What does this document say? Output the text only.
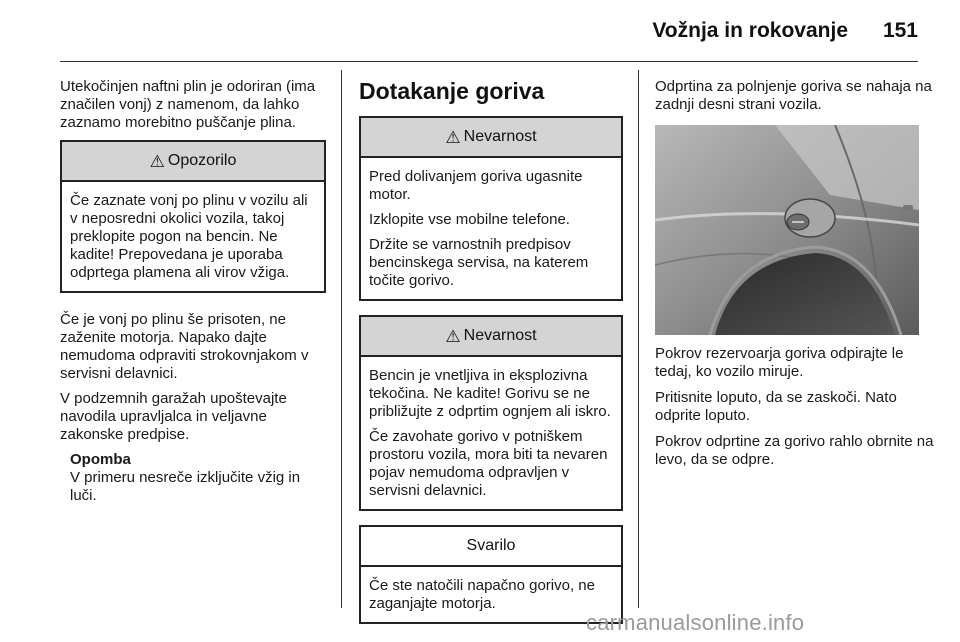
Vožnja in rokovanje 151

Utekočinjen naftni plin je odoriran (ima značilen vonj) z namenom, da lahko zaznamo morebitno puščanje plina.

⚠ Opozorilo

Če zaznate vonj po plinu v vozilu ali v neposredni okolici vozila, takoj preklopite pogon na bencin. Ne kadite! Prepovedana je uporaba odprtega plamena ali virov vžiga.

Če je vonj po plinu še prisoten, ne zaženite motorja. Napako dajte nemudoma odpraviti strokovnjakom v servisni delavnici.

V podzemnih garažah upoštevajte navodila upravljalca in veljavne zakonske predpise.

Opomba

V primeru nesreče izključite vžig in luči.

Dotakanje goriva
⚠ Nevarnost

Pred dolivanjem goriva ugasnite motor.

Izklopite vse mobilne telefone.

Držite se varnostnih predpisov bencinskega servisa, na katerem točite gorivo.

⚠ Nevarnost

Bencin je vnetljiva in eksplozivna tekočina. Ne kadite! Gorivu se ne približujte z odprtim ognjem ali iskro.

Če zavohate gorivo v potniškem prostoru vozila, mora biti ta nevaren pojav nemudoma odpravljen v servisni delavnici.

Svarilo

Če ste natočili napačno gorivo, ne zaganjajte motorja.

Odprtina za polnjenje goriva se nahaja na zadnji desni strani vozila.

Pokrov rezervoarja goriva odpirajte le tedaj, ko vozilo miruje.

Pritisnite loputo, da se zaskoči. Nato odprite loputo.

Pokrov odprtine za gorivo rahlo obrnite na levo, da se odpre.

carmanualsonline.info
